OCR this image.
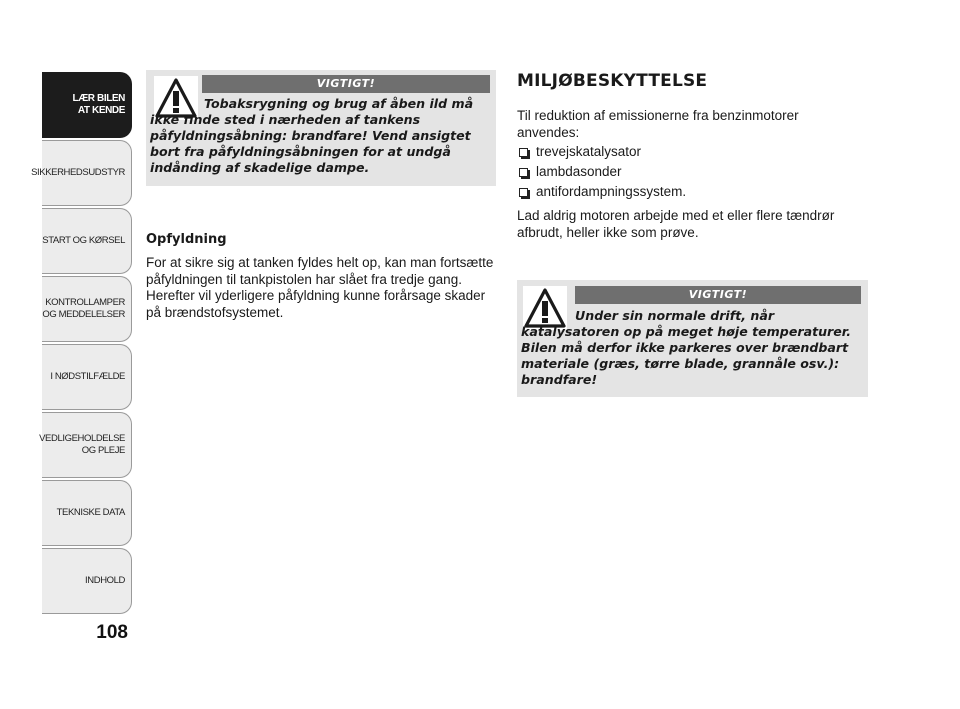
LÆR BILEN
AT KENDE
SIKKERHEDSUDSTYR
START OG KØRSEL
KONTROLLAMPER
OG MEDDELELSER
I NØDSTILFÆLDE
VEDLIGEHOLDELSE
OG PLEJE
TEKNISKE DATA
INDHOLD
108
VIGTIGT!

Tobaksrygning og brug af åben ild må ikke finde sted i nærheden af tankens påfyldningsåbning: brandfare! Vend ansigtet bort fra påfyldningsåbningen for at undgå indånding af skadelige dampe.

Opfyldning

For at sikre sig at tanken fyldes helt op, kan man fortsætte påfyldningen til tankpistolen har slået fra tredje gang. Herefter vil yderligere påfyldning kunne forårsage skader på brændstofsystemet.

MILJØBESKYTTELSE

Til reduktion af emissionerne fra benzinmotorer anvendes:

trevejskatalysator
lambdasonder
antifordampningssystem.

Lad aldrig motoren arbejde med et eller flere tændrør afbrudt, heller ikke som prøve.

VIGTIGT!

Under sin normale drift, når katalysatoren op på meget høje temperaturer. Bilen må derfor ikke parkeres over brændbart materiale (græs, tørre blade, grannåle osv.): brandfare!
